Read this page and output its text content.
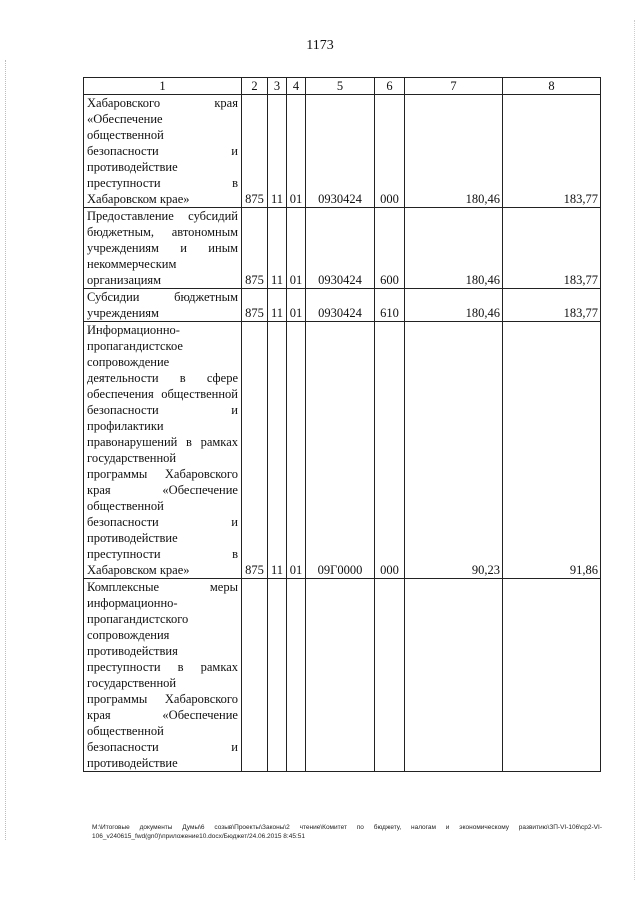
1173
1	2	3	4	5	6	7	8
Хабаровского края «Обеспечение общественной безопасности и противодействие преступности в Хабаровском крае»	875	11	01	0930424	000	180,46	183,77
Предоставление субсидий бюджетным, автономным учреждениям и иным некоммерческим организациям	875	11	01	0930424	600	180,46	183,77
Субсидии бюджетным учреждениям	875	11	01	0930424	610	180,46	183,77
Информационно-пропагандистское сопровождение деятельности в сфере обеспечения общественной безопасности и профилактики правонарушений в рамках государственной программы Хабаровского края «Обеспечение общественной безопасности и противодействие преступности в Хабаровском крае»	875	11	01	09Г0000	000	90,23	91,86
Комплексные меры информационно-пропагандистского сопровождения противодействия преступности в рамках государственной программы Хабаровского края «Обеспечение общественной безопасности и противодействие							
M:\Итоговые документы Думы\6 созыв\Проекты\Законы\2 чтение\Комитет по бюджету, налогам и экономическому развитию\ЗП-VI-106\ср2-VI-106_v240615_fwd(gn0)\приложение10.docx/Бюджет/24.06.2015 8:45:51
